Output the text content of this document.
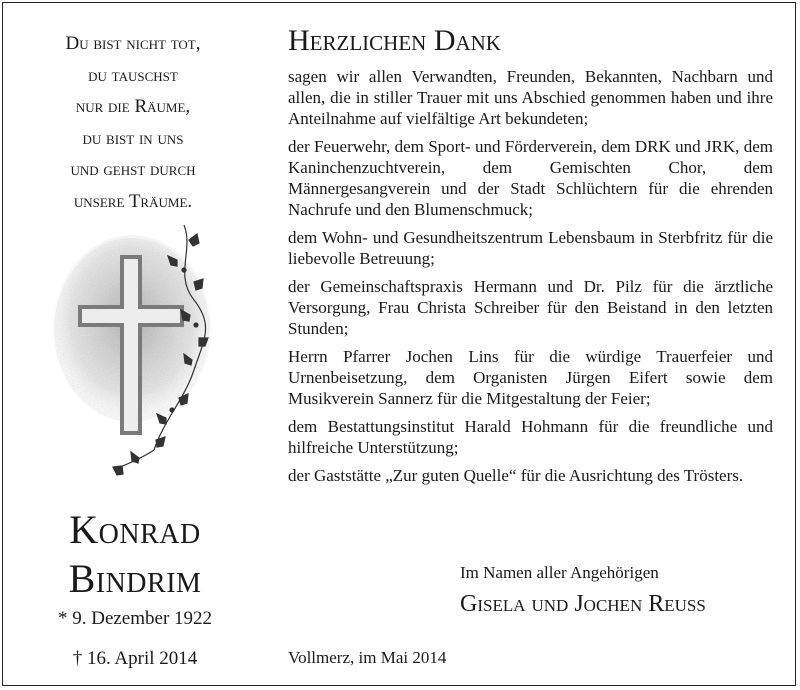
Du bist nicht tot,
du tauschst
nur die Räume,
du bist in uns
und gehst durch
unsere Träume.
Konrad
Bindrim
* 9. Dezember 1922
† 16. April 2014
Herzlichen Dank

sagen wir allen Verwandten, Freunden, Bekannten, Nachbarn und allen, die in stiller Trauer mit uns Abschied genommen haben und ihre Anteilnahme auf vielfältige Art bekundeten;

der Feuerwehr, dem Sport- und Förderverein, dem DRK und JRK, dem Kaninchenzuchtverein, dem Gemischten Chor, dem Männergesangverein und der Stadt Schlüchtern für die ehrenden Nachrufe und den Blumenschmuck;

dem Wohn- und Gesundheitszentrum Lebensbaum in Sterbfritz für die liebevolle Betreuung;

der Gemeinschaftspraxis Hermann und Dr. Pilz für die ärztliche Versorgung, Frau Christa Schreiber für den Beistand in den letzten Stunden;

Herrn Pfarrer Jochen Lins für die würdige Trauerfeier und Urnenbeisetzung, dem Organisten Jürgen Eifert sowie dem Musikverein Sannerz für die Mitgestaltung der Feier;

dem Bestattungsinstitut Harald Hohmann für die freundliche und hilfreiche Unterstützung;

der Gaststätte „Zur guten Quelle“ für die Ausrichtung des Trösters.

Im Namen aller Angehörigen
Gisela und Jochen Reuß
Vollmerz, im Mai 2014
